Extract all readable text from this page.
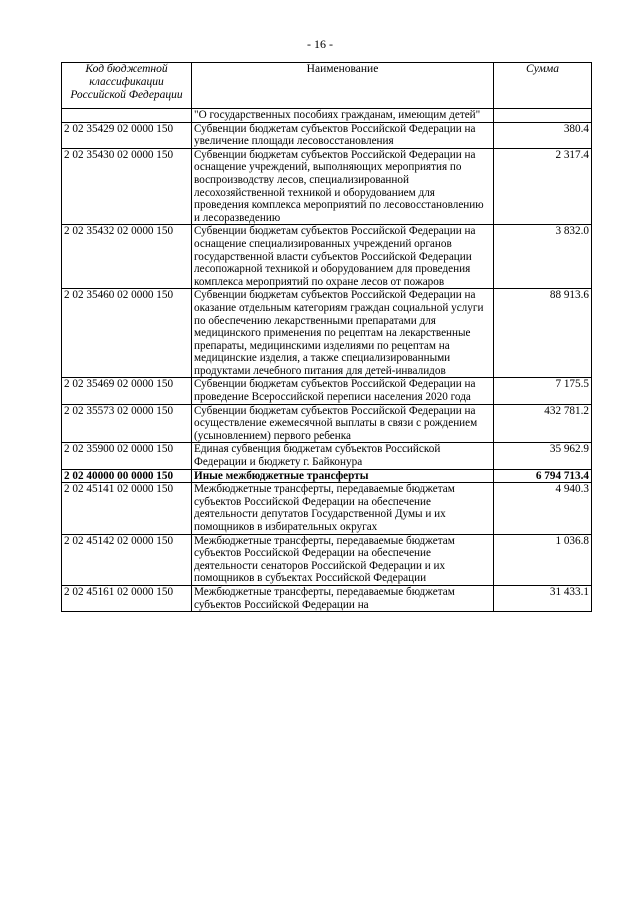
- 16 -
Код бюджетной классификации Российской Федерации	Наименование	Сумма
	"О государственных пособиях гражданам, имеющим детей"	
2 02 35429 02 0000 150	Субвенции бюджетам субъектов Российской Федерации на увеличение площади лесовосстановления	380.4
2 02 35430 02 0000 150	Субвенции бюджетам субъектов Российской Федерации на оснащение учреждений, выполняющих мероприятия по воспроизводству лесов, специализированной лесохозяйственной техникой и оборудованием для проведения комплекса мероприятий по лесовосстановлению и лесоразведению	2 317.4
2 02 35432 02 0000 150	Субвенции бюджетам субъектов Российской Федерации на оснащение специализированных учреждений органов государственной власти субъектов Российской Федерации лесопожарной техникой и оборудованием для проведения комплекса мероприятий по охране лесов от пожаров	3 832.0
2 02 35460 02 0000 150	Субвенции бюджетам субъектов Российской Федерации на оказание отдельным категориям граждан социальной услуги по обеспечению лекарственными препаратами для медицинского применения по рецептам на лекарственные препараты, медицинскими изделиями по рецептам на медицинские изделия, а также специализированными продуктами лечебного питания для детей-инвалидов	88 913.6
2 02 35469 02 0000 150	Субвенции бюджетам субъектов Российской Федерации на проведение Всероссийской переписи населения 2020 года	7 175.5
2 02 35573 02 0000 150	Субвенции бюджетам субъектов Российской Федерации на осуществление ежемесячной выплаты в связи с рождением (усыновлением) первого ребенка	432 781.2
2 02 35900 02 0000 150	Единая субвенция бюджетам субъектов Российской Федерации и бюджету г. Байконура	35 962.9
2 02 40000 00 0000 150	Иные межбюджетные трансферты	6 794 713.4
2 02 45141 02 0000 150	Межбюджетные трансферты, передаваемые бюджетам субъектов Российской Федерации на обеспечение деятельности депутатов Государственной Думы и их помощников в избирательных округах	4 940.3
2 02 45142 02 0000 150	Межбюджетные трансферты, передаваемые бюджетам субъектов Российской Федерации на обеспечение деятельности сенаторов Российской Федерации и их помощников в субъектах Российской Федерации	1 036.8
2 02 45161 02 0000 150	Межбюджетные трансферты, передаваемые бюджетам субъектов Российской Федерации на	31 433.1
